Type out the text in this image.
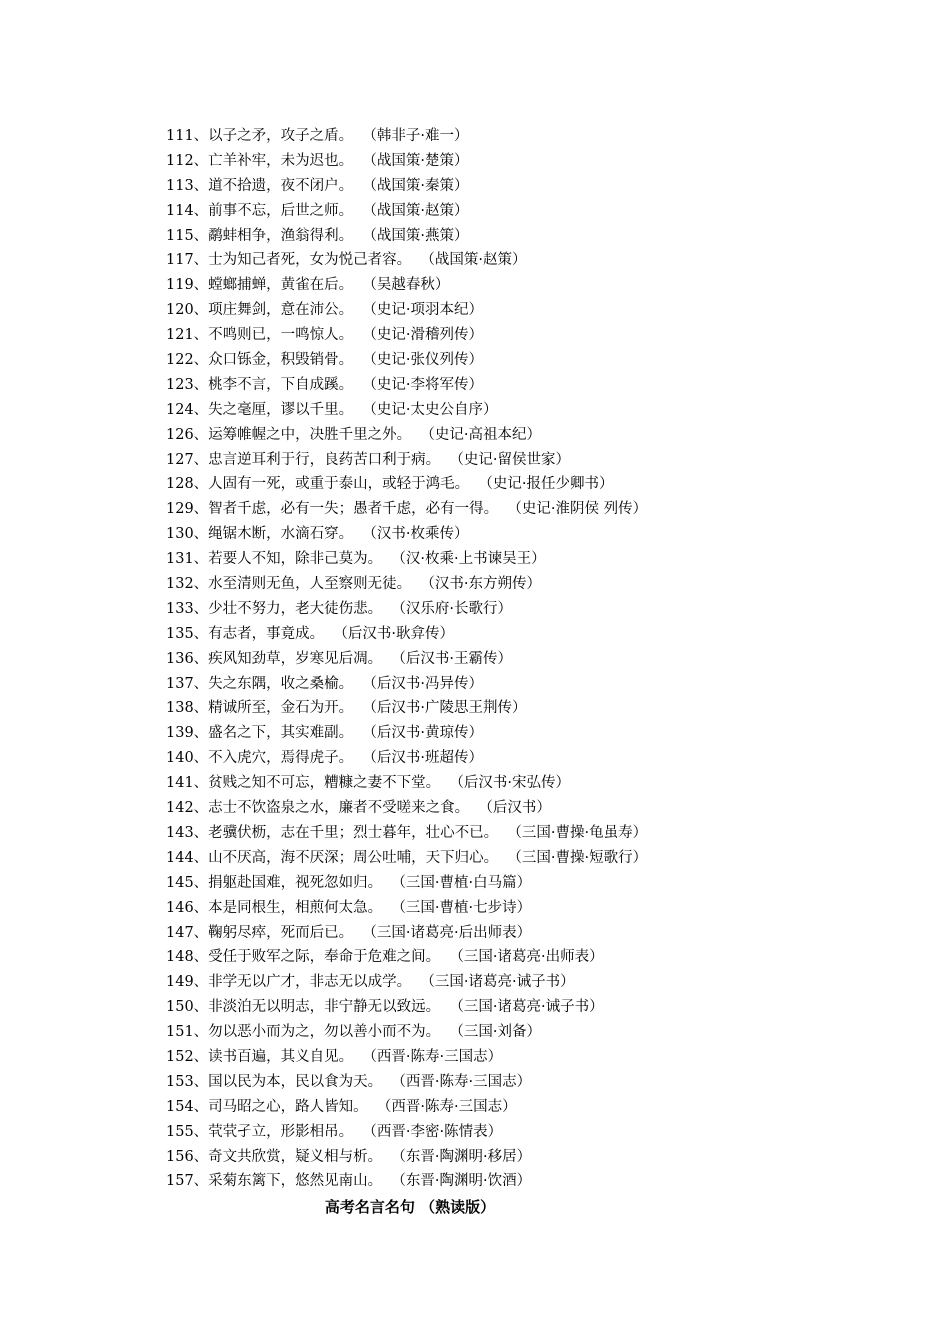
111、以子之矛，攻子之盾。  （韩非子·难一）
112、亡羊补牢，未为迟也。  （战国策·楚策）
113、道不拾遗，夜不闭户。  （战国策·秦策）
114、前事不忘，后世之师。  （战国策·赵策）
115、鹬蚌相争，渔翁得利。  （战国策·燕策）
117、士为知己者死，女为悦己者容。  （战国策·赵策）
119、螳螂捕蝉，黄雀在后。  （吴越春秋）
120、项庄舞剑，意在沛公。  （史记·项羽本纪）
121、不鸣则已，一鸣惊人。  （史记·滑稽列传）
122、众口铄金，积毁销骨。  （史记·张仪列传）
123、桃李不言，下自成蹊。  （史记·李将军传）
124、失之毫厘，谬以千里。  （史记·太史公自序）
126、运筹帷幄之中，决胜千里之外。  （史记·高祖本纪）
127、忠言逆耳利于行，良药苦口利于病。  （史记·留侯世家）
128、人固有一死，或重于泰山，或轻于鸿毛。  （史记·报任少卿书）
129、智者千虑，必有一失；愚者千虑，必有一得。  （史记·淮阴侯 列传）
130、绳锯木断，水滴石穿。  （汉书·枚乘传）
131、若要人不知，除非己莫为。  （汉·枚乘·上书谏吴王）
132、水至清则无鱼，人至察则无徒。  （汉书·东方朔传）
133、少壮不努力，老大徒伤悲。  （汉乐府·长歌行）
135、有志者，事竟成。  （后汉书·耿弇传）
136、疾风知劲草，岁寒见后凋。  （后汉书·王霸传）
137、失之东隅，收之桑榆。  （后汉书·冯异传）
138、精诚所至，金石为开。  （后汉书·广陵思王荆传）
139、盛名之下，其实难副。  （后汉书·黄琼传）
140、不入虎穴，焉得虎子。  （后汉书·班超传）
141、贫贱之知不可忘，糟糠之妻不下堂。  （后汉书·宋弘传）
142、志士不饮盗泉之水，廉者不受嗟来之食。  （后汉书）
143、老骥伏枥，志在千里；烈士暮年，壮心不已。  （三国·曹操·龟虽寿）
144、山不厌高，海不厌深；周公吐哺，天下归心。  （三国·曹操·短歌行）
145、捐躯赴国难，视死忽如归。  （三国·曹植·白马篇）
146、本是同根生，相煎何太急。  （三国·曹植·七步诗）
147、鞠躬尽瘁，死而后已。  （三国·诸葛亮·后出师表）
148、受任于败军之际，奉命于危难之间。  （三国·诸葛亮·出师表）
149、非学无以广才，非志无以成学。  （三国·诸葛亮·诫子书）
150、非淡泊无以明志，非宁静无以致远。  （三国·诸葛亮·诫子书）
151、勿以恶小而为之，勿以善小而不为。  （三国·刘备）
152、读书百遍，其义自见。  （西晋·陈寿·三国志）
153、国以民为本，民以食为天。  （西晋·陈寿·三国志）
154、司马昭之心，路人皆知。  （西晋·陈寿·三国志）
155、茕茕孑立，形影相吊。  （西晋·李密·陈情表）
156、奇文共欣赏，疑义相与析。  （东晋·陶渊明·移居）
157、采菊东篱下，悠然见南山。  （东晋·陶渊明·饮酒）
高考名言名句 （熟读版）
